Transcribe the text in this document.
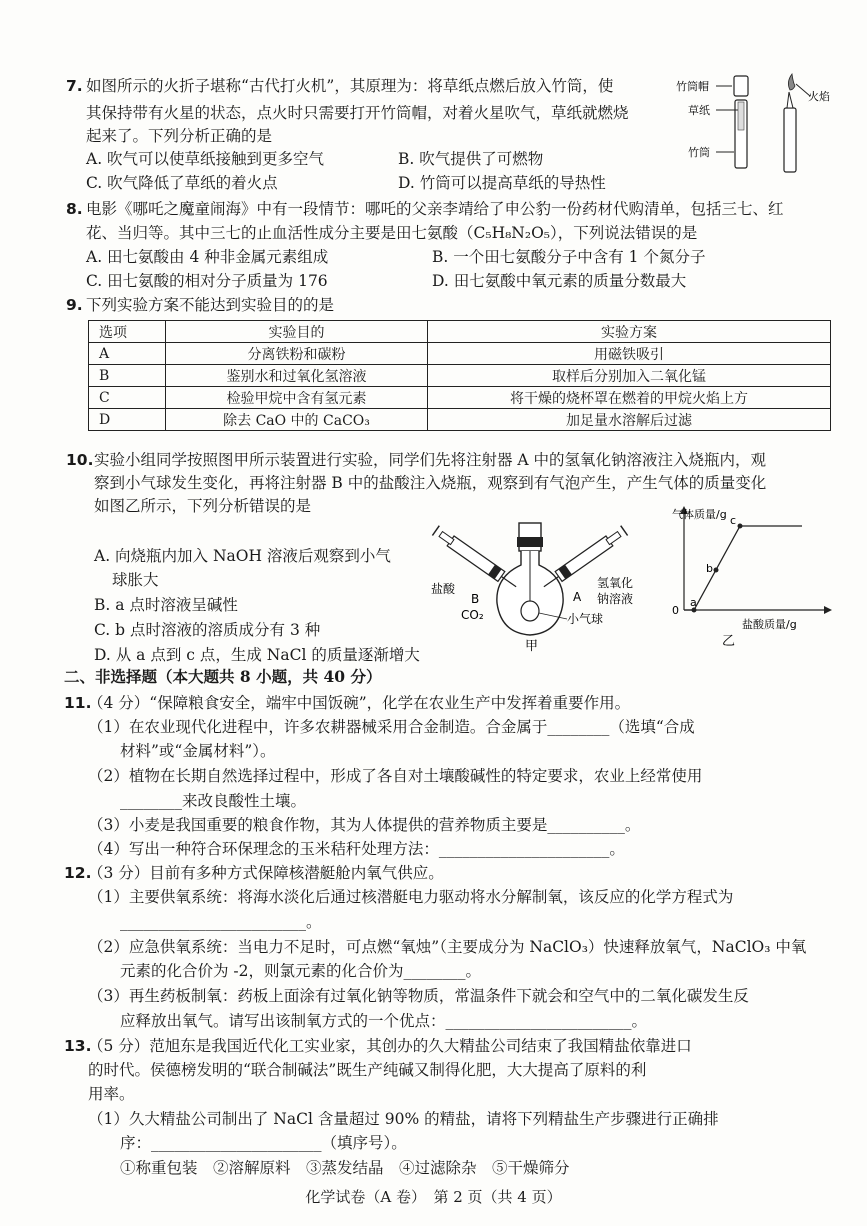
7. 如图所示的火折子堪称“古代打火机”，其原理为：将草纸点燃后放入竹筒，使
其保持带有火星的状态，点火时只需要打开竹筒帽，对着火星吹气，草纸就燃烧
起来了。下列分析正确的是
A. 吹气可以使草纸接触到更多空气	B. 吹气提供了可燃物
C. 吹气降低了草纸的着火点	D. 竹筒可以提高草纸的导热性
竹筒帽
草纸
竹筒
火焰
8. 电影《哪吒之魔童闹海》中有一段情节：哪吒的父亲李靖给了申公豹一份药材代购清单，包括三七、红
花、当归等。其中三七的止血活性成分主要是田七氨酸（C₅H₈N₂O₅），下列说法错误的是
A. 田七氨酸由 4 种非金属元素组成	B. 一个田七氨酸分子中含有 1 个氮分子
C. 田七氨酸的相对分子质量为 176	D. 田七氨酸中氧元素的质量分数最大
9. 下列实验方案不能达到实验目的的是
选项	实验目的	实验方案
A	分离铁粉和碳粉	用磁铁吸引
B	鉴别水和过氧化氢溶液	取样后分别加入二氧化锰
C	检验甲烷中含有氢元素	将干燥的烧杯罩在燃着的甲烷火焰上方
D	除去 CaO 中的 CaCO₃	加足量水溶解后过滤
10. 实验小组同学按照图甲所示装置进行实验，同学们先将注射器 A 中的氢氧化钠溶液注入烧瓶内，观
察到小气球发生变化，再将注射器 B 中的盐酸注入烧瓶，观察到有气泡产生，产生气体的质量变化
如图乙所示，下列分析错误的是
A. 向烧瓶内加入 NaOH 溶液后观察到小气
球胀大
B. a 点时溶液呈碱性
C. b 点时溶液的溶质成分有 3 种
D. 从 a 点到 c 点，生成 NaCl 的质量逐渐增大
盐酸
B
CO₂
氢氧化
钠溶液
A
小气球
甲
气体质量/g
盐酸质量/g
0
a
b
c
乙
二、非选择题（本大题共 8 小题，共 40 分）
11.
（4 分）“保障粮食安全，端牢中国饭碗”，化学在农业生产中发挥着重要作用。
（1）在农业现代化进程中，许多农耕器械采用合金制造。合金属于________（选填“合成
材料”或“金属材料”）。
（2）植物在长期自然选择过程中，形成了各自对土壤酸碱性的特定要求，农业上经常使用
________来改良酸性土壤。
（3）小麦是我国重要的粮食作物，其为人体提供的营养物质主要是__________。
（4）写出一种符合环保理念的玉米秸秆处理方法：______________________。
12.
（3 分）目前有多种方式保障核潜艇舱内氧气供应。
（1）主要供氧系统：将海水淡化后通过核潜艇电力驱动将水分解制氧，该反应的化学方程式为
________________________。
（2）应急供氧系统：当电力不足时，可点燃“氧烛”（主要成分为 NaClO₃）快速释放氧气，NaClO₃ 中氧
元素的化合价为 -2，则氯元素的化合价为________。
（3）再生药板制氧：药板上面涂有过氧化钠等物质，常温条件下就会和空气中的二氧化碳发生反
应释放出氧气。请写出该制氧方式的一个优点：________________________。
13.
（5 分）范旭东是我国近代化工实业家，其创办的久大精盐公司结束了我国精盐依靠进口
的时代。侯德榜发明的“联合制碱法”既生产纯碱又制得化肥，大大提高了原料的利
用率。
（1）久大精盐公司制出了 NaCl 含量超过 90% 的精盐，请将下列精盐生产步骤进行正确排
序：______________________（填序号）。
①称重包装　②溶解原料　③蒸发结晶　④过滤除杂　⑤干燥筛分
化学试卷（A 卷）　第 2 页（共 4 页）
